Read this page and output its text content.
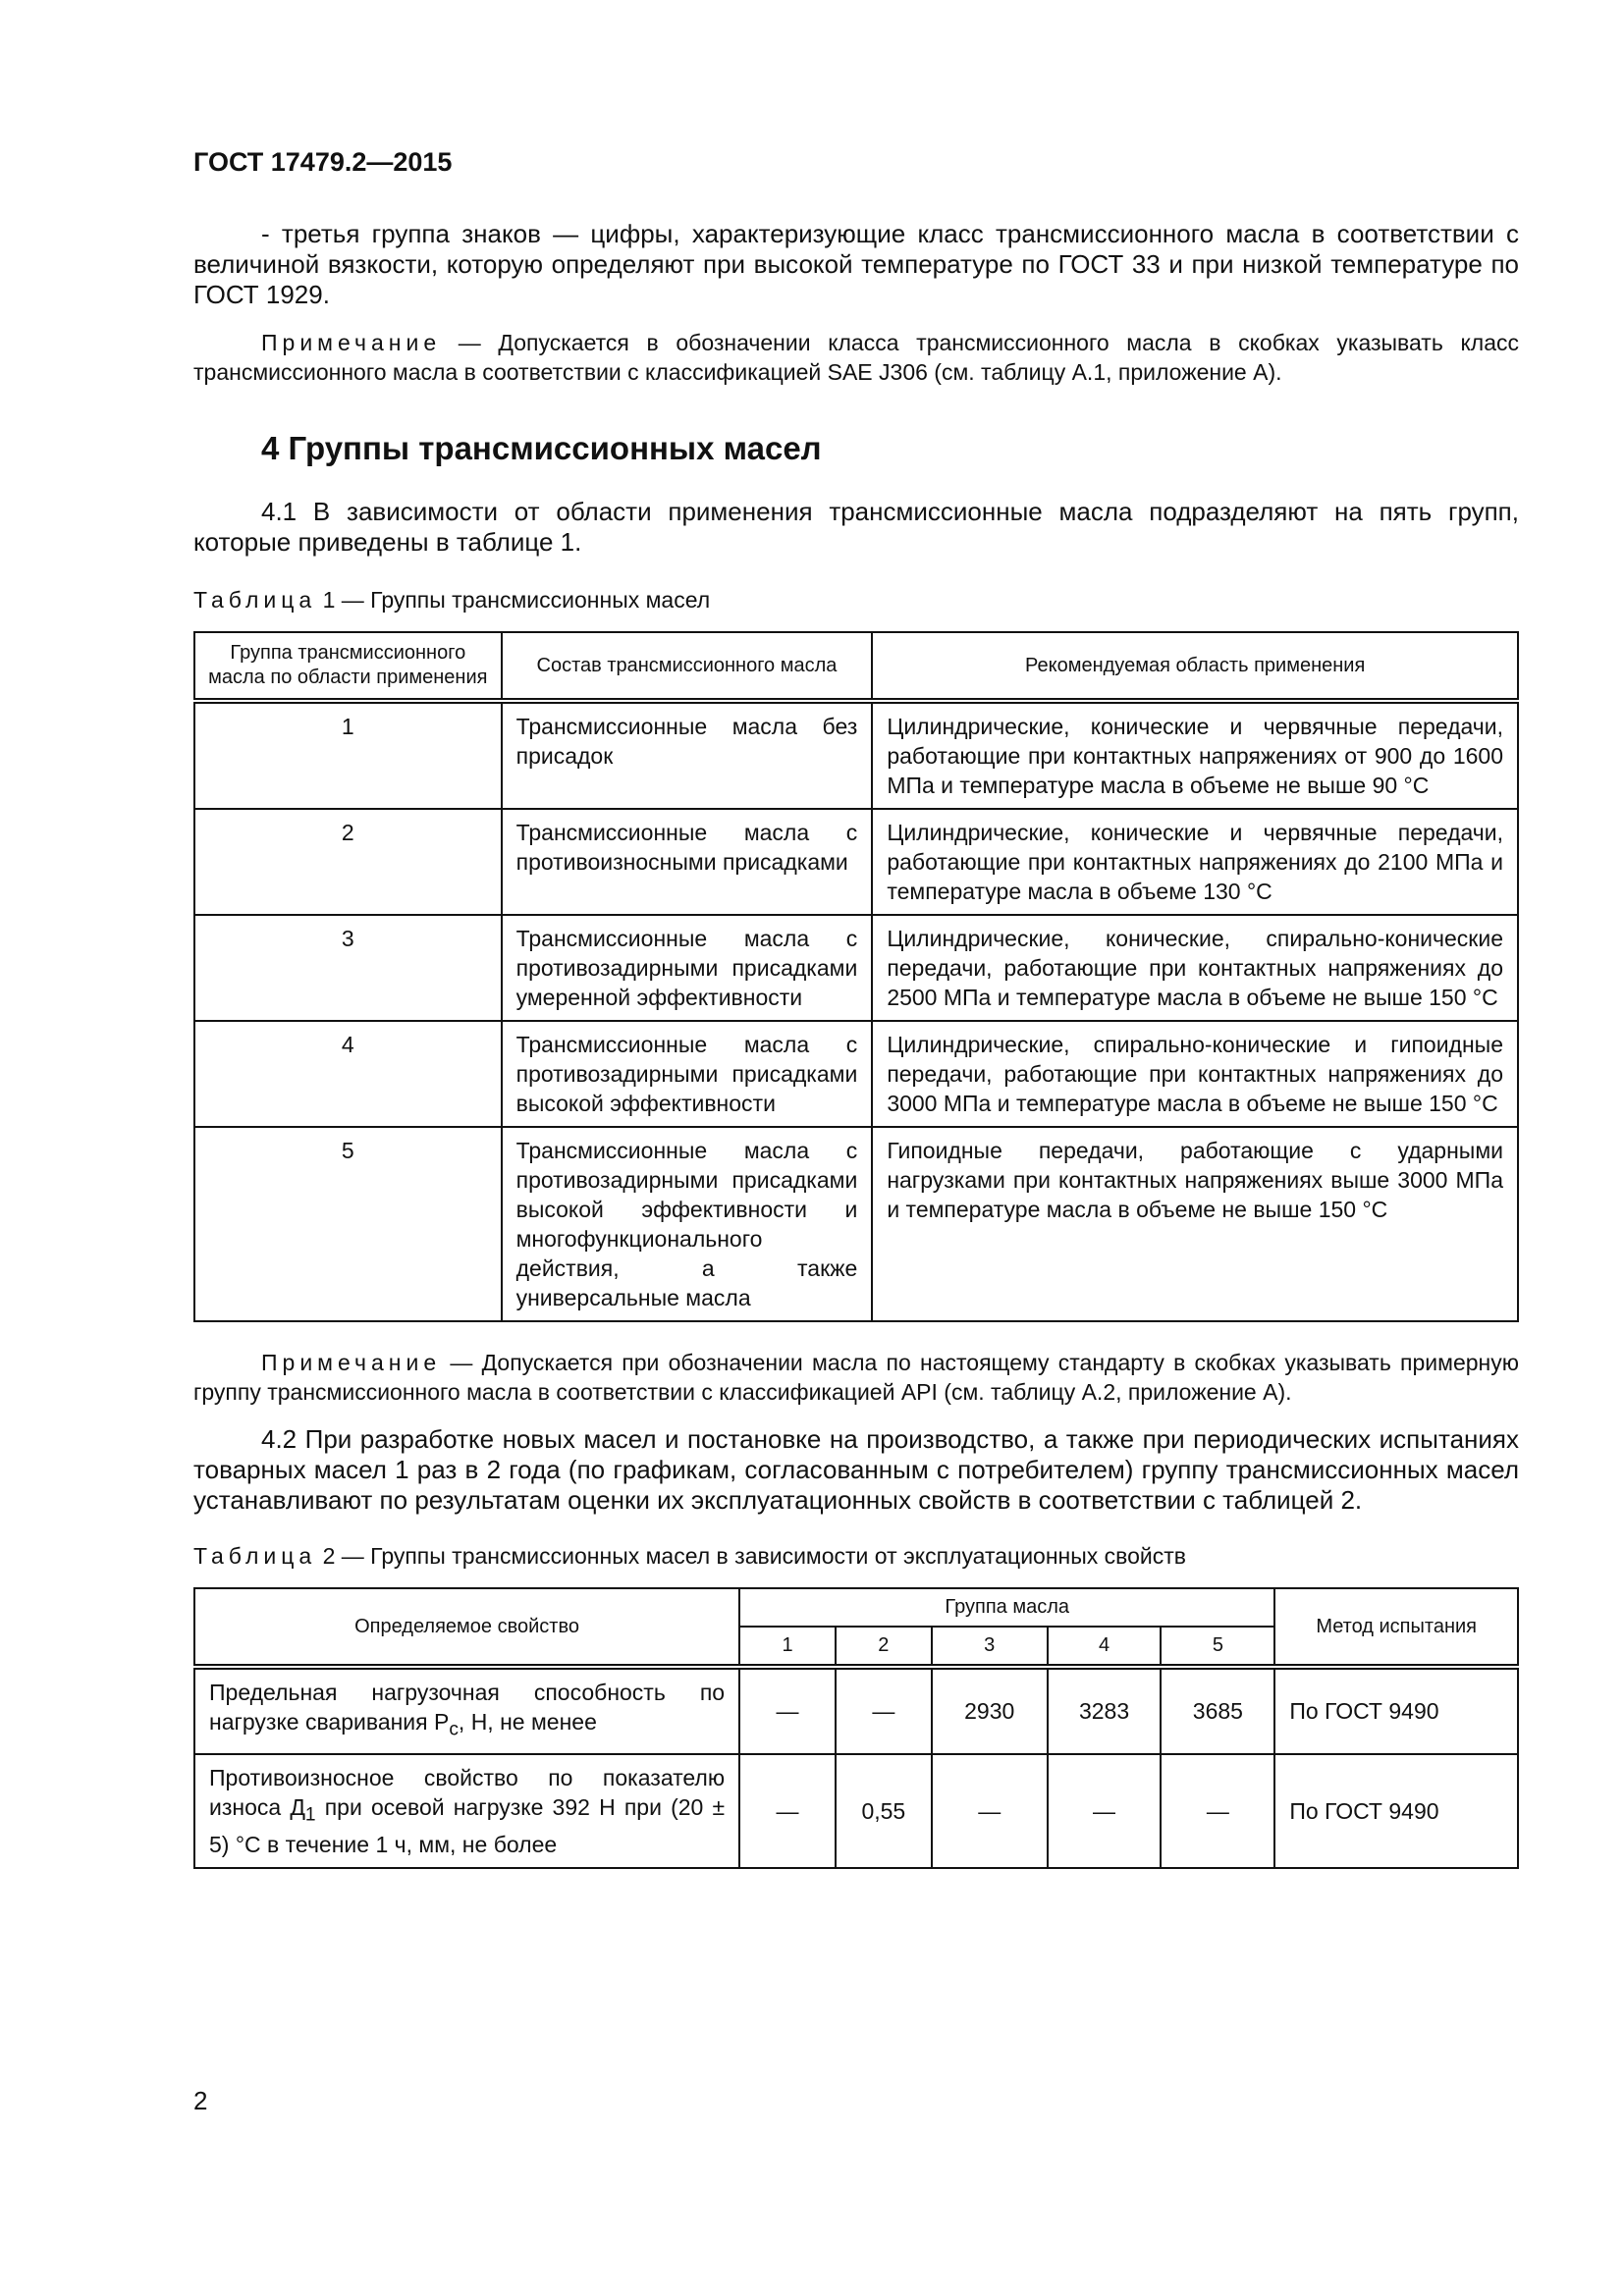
ГОСТ 17479.2—2015

- третья группа знаков — цифры, характеризующие класс трансмиссионного масла в соответствии с величиной вязкости, которую определяют при высокой температуре по ГОСТ 33 и при низкой температуре по ГОСТ 1929.

Примечание — Допускается в обозначении класса трансмиссионного масла в скобках указывать класс трансмиссионного масла в соответствии с классификацией SAE J306 (см. таблицу А.1, приложение А).

4 Группы трансмиссионных масел

4.1 В зависимости от области применения трансмиссионные масла подразделяют на пять групп, которые приведены в таблице 1.

Таблица 1 — Группы трансмиссионных масел

Группа трансмиссионного масла по области применения	Состав трансмиссионного масла	Рекомендуемая область применения
1	Трансмиссионные масла без присадок	Цилиндрические, конические и червячные передачи, работающие при контактных напряжениях от 900 до 1600 МПа и температуре масла в объеме не выше 90 °С
2	Трансмиссионные масла с противоизносными присадками	Цилиндрические, конические и червячные передачи, работающие при контактных напряжениях до 2100 МПа и температуре масла в объеме 130 °С
3	Трансмиссионные масла с противозадирными присадками умеренной эффективности	Цилиндрические, конические, спирально-конические передачи, работающие при контактных напряжениях до 2500 МПа и температуре масла в объеме не выше 150 °С
4	Трансмиссионные масла с противозадирными присадками высокой эффективности	Цилиндрические, спирально-конические и гипоидные передачи, работающие при контактных напряжениях до 3000 МПа и температуре масла в объеме не выше 150 °С
5	Трансмиссионные масла с противозадирными присадками высокой эффективности и многофункционального действия, а также универсальные масла	Гипоидные передачи, работающие с ударными нагрузками при контактных напряжениях выше 3000 МПа и температуре масла в объеме не выше 150 °С

Примечание — Допускается при обозначении масла по настоящему стандарту в скобках указывать примерную группу трансмиссионного масла в соответствии с классификацией API (см. таблицу А.2, приложение А).

4.2 При разработке новых масел и постановке на производство, а также при периодических испытаниях товарных масел 1 раз в 2 года (по графикам, согласованным с потребителем) группу трансмиссионных масел устанавливают по результатам оценки их эксплуатационных свойств в соответствии с таблицей 2.

Таблица 2 — Группы трансмиссионных масел в зависимости от эксплуатационных свойств

Определяемое свойство	Группа масла					Метод испытания
	1	2	3	4	5	
Предельная нагрузочная способность по нагрузке сваривания $P_с$, Н, не менее	—	—	2930	3283	3685	По ГОСТ 9490
Противоизносное свойство по показателю износа $Д_1$ при осевой нагрузке 392 Н при (20 ± 5) °С в течение 1 ч, мм, не более	—	0,55	—	—	—	По ГОСТ 9490
2
